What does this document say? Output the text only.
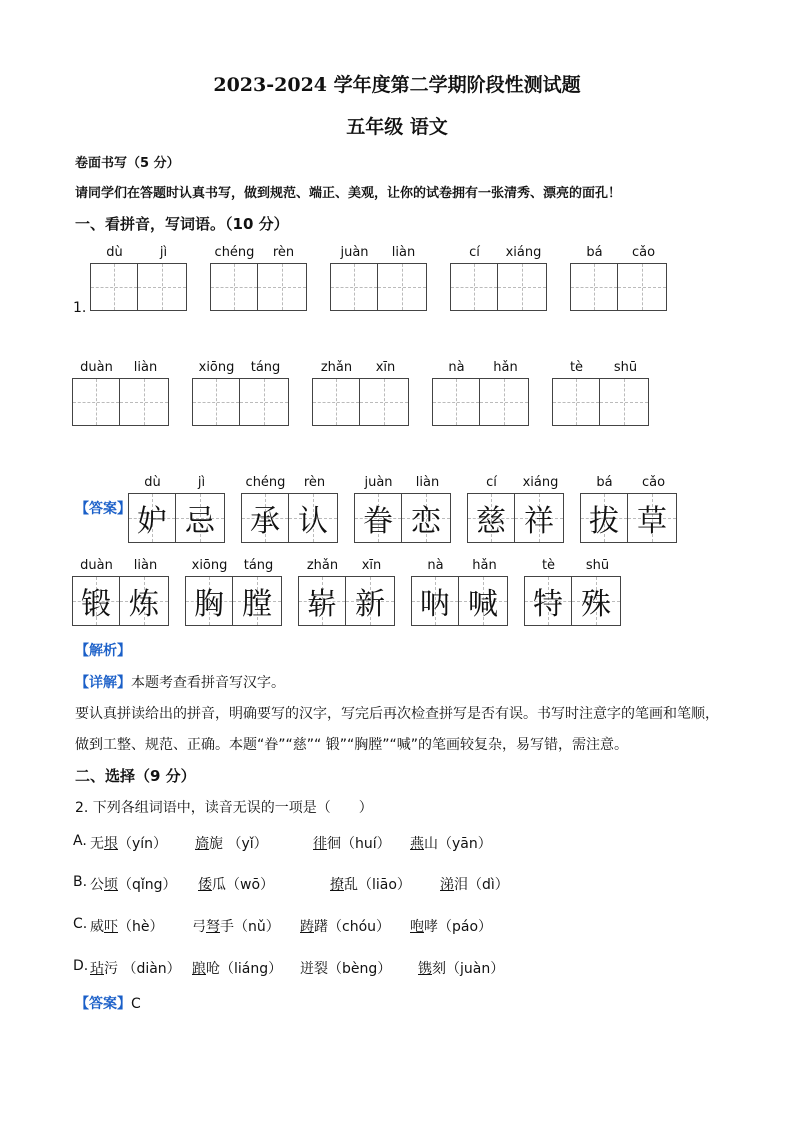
2023-2024 学年度第二学期阶段性测试题
五年级 语文
卷面书写（5 分）
请同学们在答题时认真书写，做到规范、端正、美观，让你的试卷拥有一张清秀、漂亮的面孔！
一、看拼音，写词语。（10 分）
1.
dù	jì	chéng	rèn	juàn	liàn	cí	xiáng	bá	cǎo
duàn	liàn	xiōng	táng	zhǎn	xīn	nà	hǎn	tè	shū
【答案】
dù	jì
妒 忌
chéng	rèn
承 认
juàn	liàn
眷 恋
cí	xiáng
慈 祥
bá	cǎo
拔 草
duàn	liàn
锻 炼
xiōng	táng
胸 膛
zhǎn	xīn
崭 新
nà	hǎn
呐 喊
tè	shū
特 殊
【解析】
【详解】本题考查看拼音写汉字。
要认真拼读给出的拼音，明确要写的汉字，写完后再次检查拼写是否有误。书写时注意字的笔画和笔顺，
做到工整、规范、正确。本题“眷”“慈”“ 锻”“胸膛”“喊”的笔画较复杂，易写错，需注意。
二、选择（9 分）
2. 下列各组词语中，读音无误的一项是（　　）
A. 无垠（yín） 旖旎 （yǐ）	徘徊（huí） 燕山（yān）
B. 公顷（qǐng） 倭瓜（wō）	撩乱（liāo） 涕泪（dì）
C. 威吓（hè） 弓弩手（nǔ） 踌躇（chóu） 咆哮（páo）
D. 玷污 （diàn） 踉呛（liáng） 迸裂（bèng） 镌刻（juàn）
【答案】C
